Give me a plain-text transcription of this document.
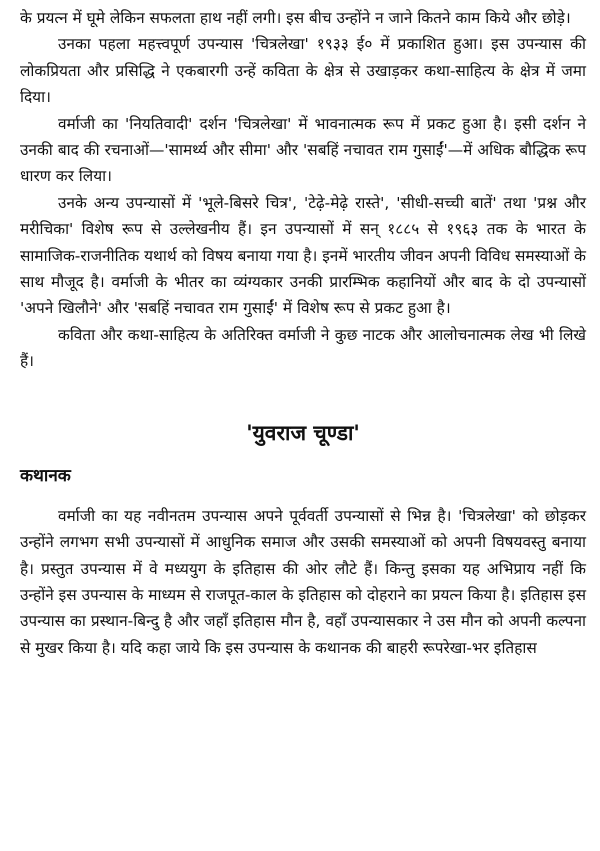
के प्रयत्न में घूमे लेकिन सफलता हाथ नहीं लगी। इस बीच उन्होंने न जाने कितने काम किये और छोड़े।

उनका पहला महत्त्वपूर्ण उपन्यास 'चित्रलेखा' १९३३ ई० में प्रकाशित हुआ। इस उपन्यास की लोकप्रियता और प्रसिद्धि ने एकबारगी उन्हें कविता के क्षेत्र से उखाड़कर कथा-साहित्य के क्षेत्र में जमा दिया।

वर्माजी का 'नियतिवादी' दर्शन 'चित्रलेखा' में भावनात्मक रूप में प्रकट हुआ है। इसी दर्शन ने उनकी बाद की रचनाओं—'सामर्थ्य और सीमा' और 'सबहिं नचावत राम गुसाईं'—में अधिक बौद्धिक रूप धारण कर लिया।

उनके अन्य उपन्यासों में 'भूले-बिसरे चित्र', 'टेढ़े-मेढ़े रास्ते', 'सीधी-सच्ची बातें' तथा 'प्रश्न और मरीचिका' विशेष रूप से उल्लेखनीय हैं। इन उपन्यासों में सन् १८८५ से १९६३ तक के भारत के सामाजिक-राजनीतिक यथार्थ को विषय बनाया गया है। इनमें भारतीय जीवन अपनी विविध समस्याओं के साथ मौजूद है। वर्माजी के भीतर का व्यंग्यकार उनकी प्रारम्भिक कहानियों और बाद के दो उपन्यासों 'अपने खिलौने' और 'सबहिं नचावत राम गुसाईं' में विशेष रूप से प्रकट हुआ है।

कविता और कथा-साहित्य के अतिरिक्त वर्माजी ने कुछ नाटक और आलोचनात्मक लेख भी लिखे हैं।

'युवराज चूण्डा'
कथानक

वर्माजी का यह नवीनतम उपन्यास अपने पूर्ववर्ती उपन्यासों से भिन्न है। 'चित्रलेखा' को छोड़कर उन्होंने लगभग सभी उपन्यासों में आधुनिक समाज और उसकी समस्याओं को अपनी विषयवस्तु बनाया है। प्रस्तुत उपन्यास में वे मध्ययुग के इतिहास की ओर लौटे हैं। किन्तु इसका यह अभिप्राय नहीं कि उन्होंने इस उपन्यास के माध्यम से राजपूत-काल के इतिहास को दोहराने का प्रयत्न किया है। इतिहास इस उपन्यास का प्रस्थान-बिन्दु है और जहाँ इतिहास मौन है, वहाँ उपन्यासकार ने उस मौन को अपनी कल्पना से मुखर किया है। यदि कहा जाये कि इस उपन्यास के कथानक की बाहरी रूपरेखा-भर इतिहास
